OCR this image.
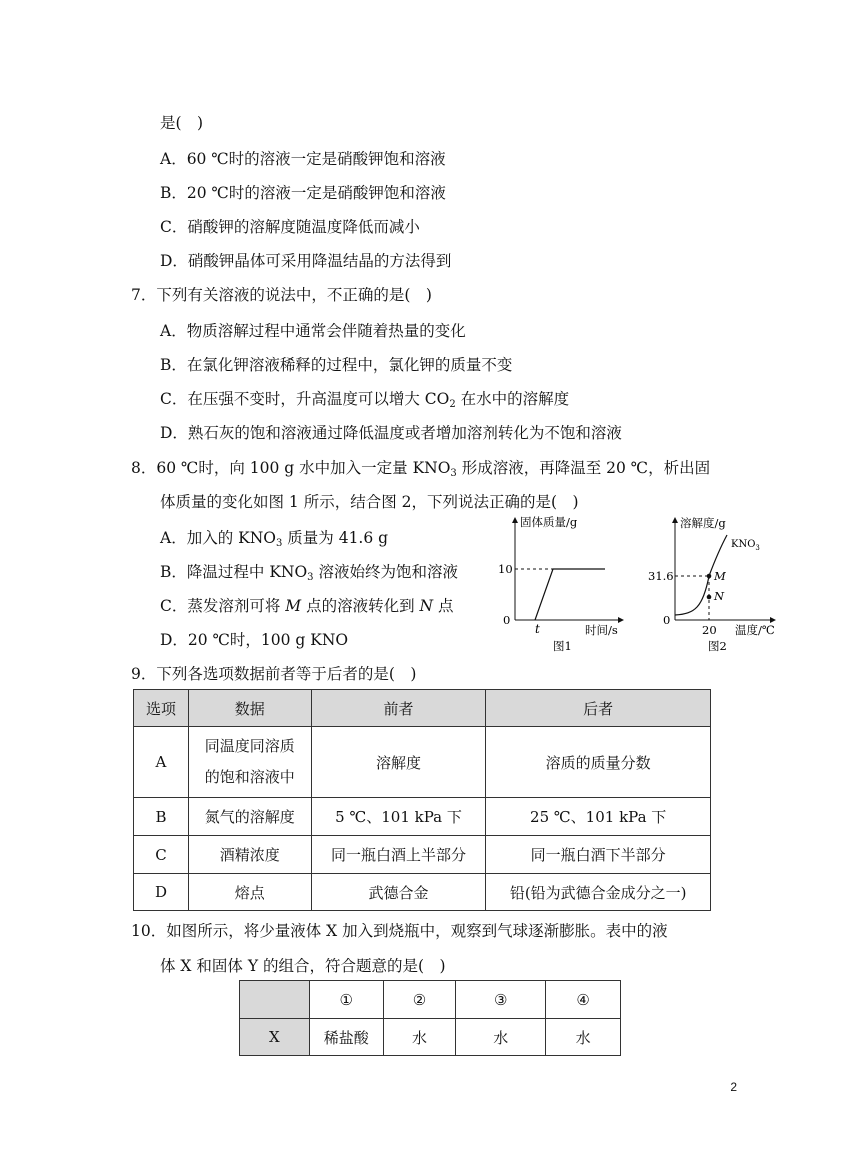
是(　)
A．60 ℃时的溶液一定是硝酸钾饱和溶液
B．20 ℃时的溶液一定是硝酸钾饱和溶液
C．硝酸钾的溶解度随温度降低而减小
D．硝酸钾晶体可采用降温结晶的方法得到
7．下列有关溶液的说法中，不正确的是(　)
A．物质溶解过程中通常会伴随着热量的变化
B．在氯化钾溶液稀释的过程中，氯化钾的质量不变
C．在压强不变时，升高温度可以增大 $CO_2$ 在水中的溶解度
D．熟石灰的饱和溶液通过降低温度或者增加溶剂转化为不饱和溶液
8．60 ℃时，向 100 g 水中加入一定量 $KNO_3$ 形成溶液，再降温至 20 ℃，析出固
体质量的变化如图 1 所示，结合图 2，下列说法正确的是(　)
A．加入的 $KNO_3$ 质量为 41.6 g
B．降温过程中 $KNO_3$ 溶液始终为饱和溶液
C．蒸发溶剂可将 M 点的溶液转化到 N 点
D．20 ℃时，100 g KNO
固体质量/g
10
0
t	时间/s
图1
溶解度/g
$KNO_3$
M
N
31.6
0
20 温度/℃
图2
9．下列各选项数据前者等于后者的是(　)
选项	数据	前者	后者
A	同温度同溶质
的饱和溶液中	溶解度	溶质的质量分数
B	氮气的溶解度	5 ℃、101 kPa 下	25 ℃、101 kPa 下
C	酒精浓度	同一瓶白酒上半部分	同一瓶白酒下半部分
D	熔点	武德合金	铅(铅为武德合金成分之一)
10．如图所示，将少量液体 X 加入到烧瓶中，观察到气球逐渐膨胀。表中的液
体 X 和固体 Y 的组合，符合题意的是(　)
	①	②	③	④
X	稀盐酸	水	水	水
2
